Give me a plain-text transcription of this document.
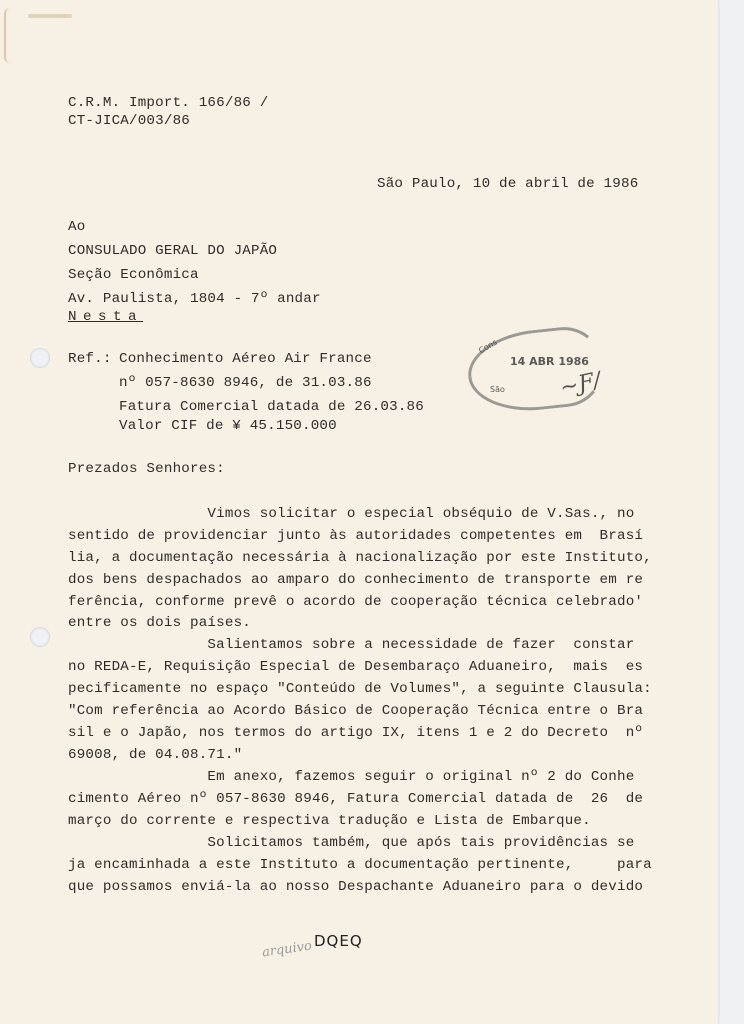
C.R.M. Import. 166/86 /
CT-JICA/003/86
São Paulo, 10 de abril de 1986
Ao
CONSULADO GERAL DO JAPÃO
Seção Econômica
Av. Paulista, 1804 - 7º andar
Nesta
Ref.: Conhecimento Aéreo Air France
nº 057-8630 8946, de 31.03.86
Fatura Comercial datada de 26.03.86
Valor CIF de ¥ 45.150.000
Cons
14 ABR 1986
São ~Ƒ/
Prezados Senhores:
Vimos solicitar o especial obséquio de V.Sas., no
sentido de providenciar junto às autoridades competentes em  Brasí
lia, a documentação necessária à nacionalização por este Instituto,
dos bens despachados ao amparo do conhecimento de transporte em re
ferência, conforme prevê o acordo de cooperação técnica celebrado'
entre os dois países.
Salientamos sobre a necessidade de fazer  constar
no REDA-E, Requisição Especial de Desembaraço Aduaneiro,  mais  es
pecificamente no espaço "Conteúdo de Volumes", a seguinte Clausula:
"Com referência ao Acordo Básico de Cooperação Técnica entre o Bra
sil e o Japão, nos termos do artigo IX, itens 1 e 2 do Decreto  nº
69008, de 04.08.71."
Em anexo, fazemos seguir o original nº 2 do Conhe
cimento Aéreo nº 057-8630 8946, Fatura Comercial datada de  26  de
março do corrente e respectiva tradução e Lista de Embarque.
Solicitamos também, que após tais providências se
ja encaminhada a este Instituto a documentação pertinente,     para
que possamos enviá-la ao nosso Despachante Aduaneiro para o devido
arquivo DQEQ
